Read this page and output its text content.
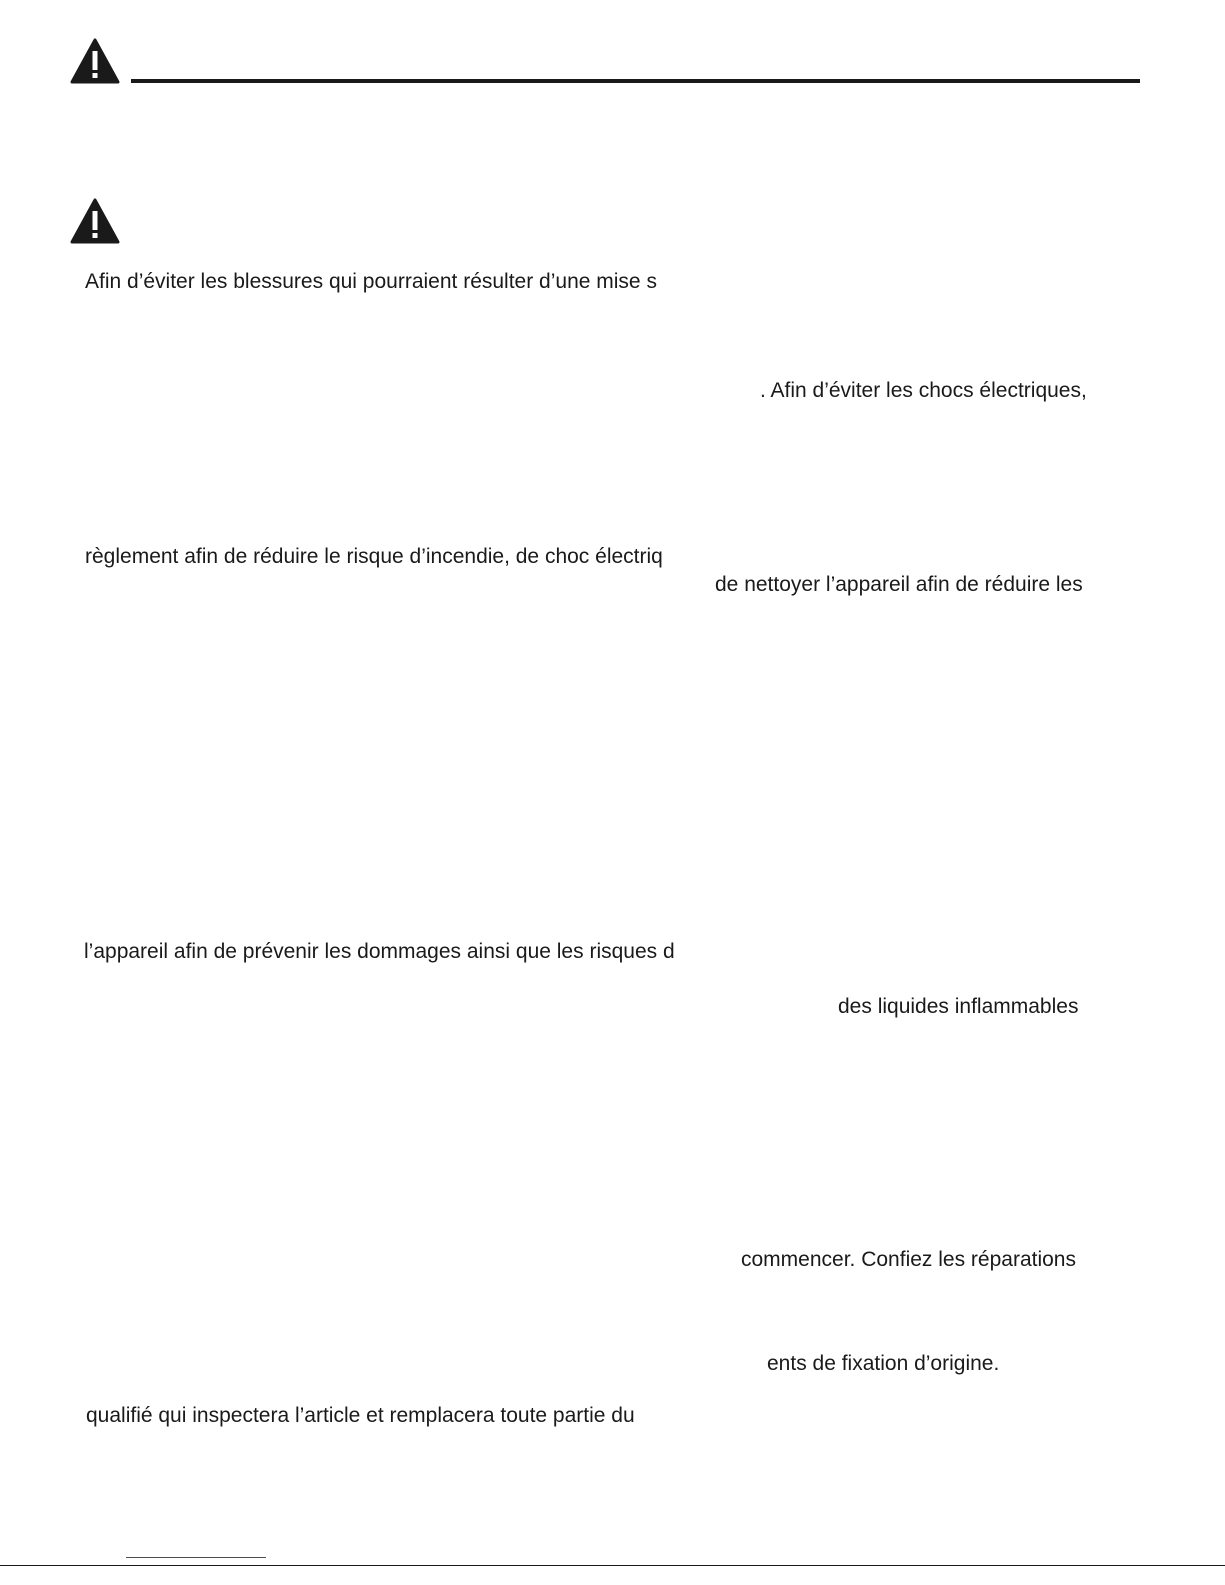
Afin d’éviter les blessures qui pourraient résulter d’une mise s
. Afin d’éviter les chocs électriques,
règlement afin de réduire le risque d’incendie, de choc électriq
de nettoyer l’appareil afin de réduire les
l’appareil afin de prévenir les dommages ainsi que les risques d
des liquides inflammables
commencer. Confiez les réparations
ents de fixation d’origine.
qualifié qui inspectera l’article et remplacera toute partie du
